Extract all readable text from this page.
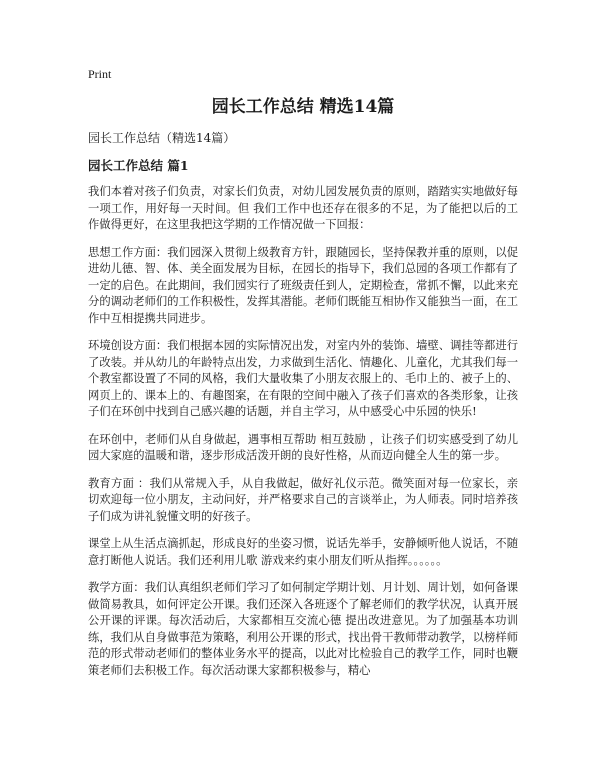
Print

园长工作总结 精选14篇

园长工作总结（精选14篇）

园长工作总结 篇1

我们本着对孩子们负责，对家长们负责，对幼儿园发展负责的原则，踏踏实实地做好每一项工作，用好每一天时间。但 我们工作中也还存在很多的不足，为了能把以后的工作做得更好，在这里我把这学期的工作情况做一下回报：

思想工作方面：我们园深入贯彻上级教育方针，跟随园长，坚持保教并重的原则，以促进幼儿德、智、体、美全面发展为目标，在园长的指导下，我们总园的各项工作都有了一定的启色。在此期间，我们园实行了班级责任到人，定期检查，常抓不懈，以此来充分的调动老师们的工作积极性，发挥其潜能。老师们既能互相协作又能独当一面，在工作中互相提携共同进步。

环境创设方面：我们根据本园的实际情况出发，对室内外的装饰、墙壁、调挂等都进行了改装。并从幼儿的年龄特点出发，力求做到生活化、情趣化、儿童化，尤其我们每一个教室都设置了不同的风格，我们大量收集了小朋友衣服上的、毛巾上的、被子上的、网页上的、课本上的、有趣图案，在有限的空间中融入了孩子们喜欢的各类形象，让孩子们在环创中找到自己感兴趣的话题，并自主学习，从中感受心中乐园的快乐!

在环创中，老师们从自身做起，遇事相互帮助 相互鼓励 ，让孩子们切实感受到了幼儿园大家庭的温暖和谐，逐步形成活泼开朗的良好性格，从而迈向健全人生的第一步。

教育方面 ：我们从常规入手，从自我做起，做好礼仪示范。微笑面对每一位家长，亲切欢迎每一位小朋友，主动问好，并严格要求自己的言谈举止，为人师表。同时培养孩子们成为讲礼貌懂文明的好孩子。

课堂上从生活点滴抓起，形成良好的坐姿习惯，说话先举手，安静倾听他人说话，不随意打断他人说话。我们还利用儿歌 游戏来约束小朋友们听从指挥。。。。。。

教学方面：我们认真组织老师们学习了如何制定学期计划、月计划、周计划，如何备课做简易教具，如何评定公开课。我们还深入各班逐个了解老师们的教学状况，认真开展公开课的评课。每次活动后，大家都相互交流心德 提出改进意见。为了加强基本功训练，我们从自身做事范为策略，利用公开课的形式，找出骨干教师带动教学，以榜样师范的形式带动老师们的整体业务水平的提高，以此对比检验自己的教学工作，同时也鞭策老师们去积极工作。每次活动课大家都积极参与，精心
